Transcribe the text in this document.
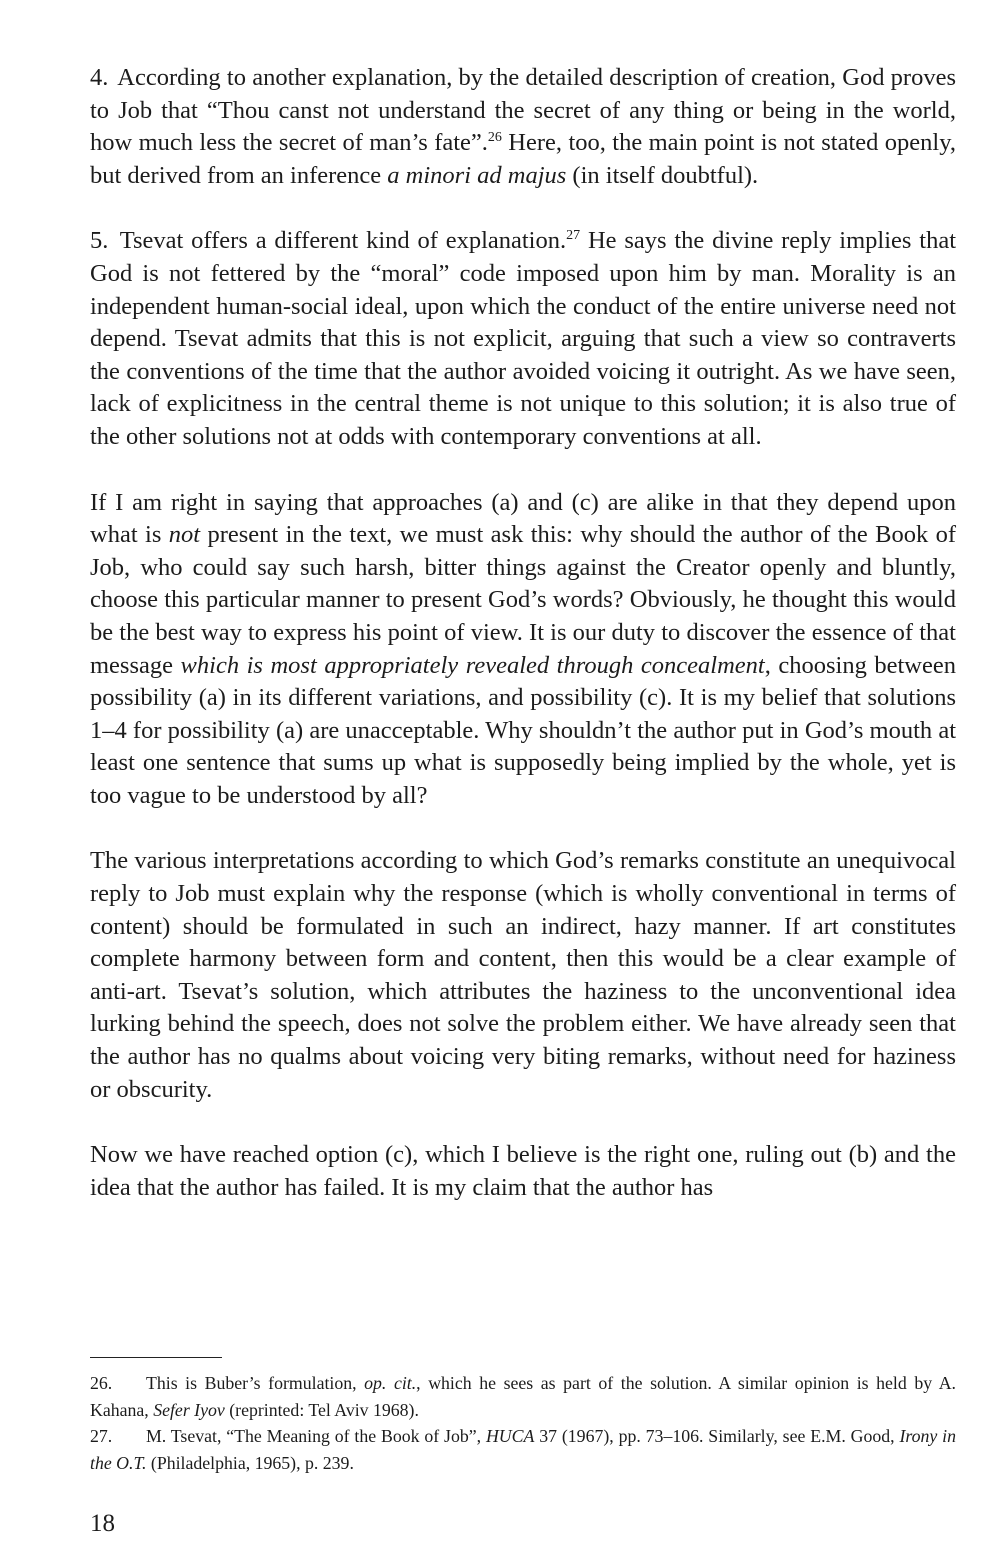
4. According to another explanation, by the detailed description of creation, God proves to Job that “Thou canst not understand the secret of any thing or being in the world, how much less the secret of man’s fate”.$^{26}$ Here, too, the main point is not stated openly, but derived from an inference a minori ad majus (in itself doubtful).

5. Tsevat offers a different kind of explanation.$^{27}$ He says the divine reply implies that God is not fettered by the “moral” code imposed upon him by man. Morality is an independent human-social ideal, upon which the conduct of the entire universe need not depend. Tsevat admits that this is not explicit, arguing that such a view so contraverts the conventions of the time that the author avoided voicing it outright. As we have seen, lack of explicitness in the central theme is not unique to this solution; it is also true of the other solutions not at odds with contemporary conventions at all.

If I am right in saying that approaches (a) and (c) are alike in that they depend upon what is not present in the text, we must ask this: why should the author of the Book of Job, who could say such harsh, bitter things against the Creator openly and bluntly, choose this particular manner to present God’s words? Obviously, he thought this would be the best way to express his point of view. It is our duty to discover the essence of that message which is most appropriately revealed through concealment, choosing between possibility (a) in its different variations, and possibility (c). It is my belief that solutions 1–4 for possibility (a) are unacceptable. Why shouldn’t the author put in God’s mouth at least one sentence that sums up what is supposedly being implied by the whole, yet is too vague to be understood by all?

The various interpretations according to which God’s remarks constitute an unequivocal reply to Job must explain why the response (which is wholly conventional in terms of content) should be formulated in such an indirect, hazy manner. If art constitutes complete harmony between form and content, then this would be a clear example of anti-art. Tsevat’s solution, which attributes the haziness to the unconventional idea lurking behind the speech, does not solve the problem either. We have already seen that the author has no qualms about voicing very biting remarks, without need for haziness or obscurity.

Now we have reached option (c), which I believe is the right one, ruling out (b) and the idea that the author has failed. It is my claim that the author has

26. This is Buber’s formulation, op. cit., which he sees as part of the solution. A similar opinion is held by A. Kahana, Sefer Iyov (reprinted: Tel Aviv 1968).

27. M. Tsevat, “The Meaning of the Book of Job”, HUCA 37 (1967), pp. 73–106. Similarly, see E.M. Good, Irony in the O.T. (Philadelphia, 1965), p. 239.

18
